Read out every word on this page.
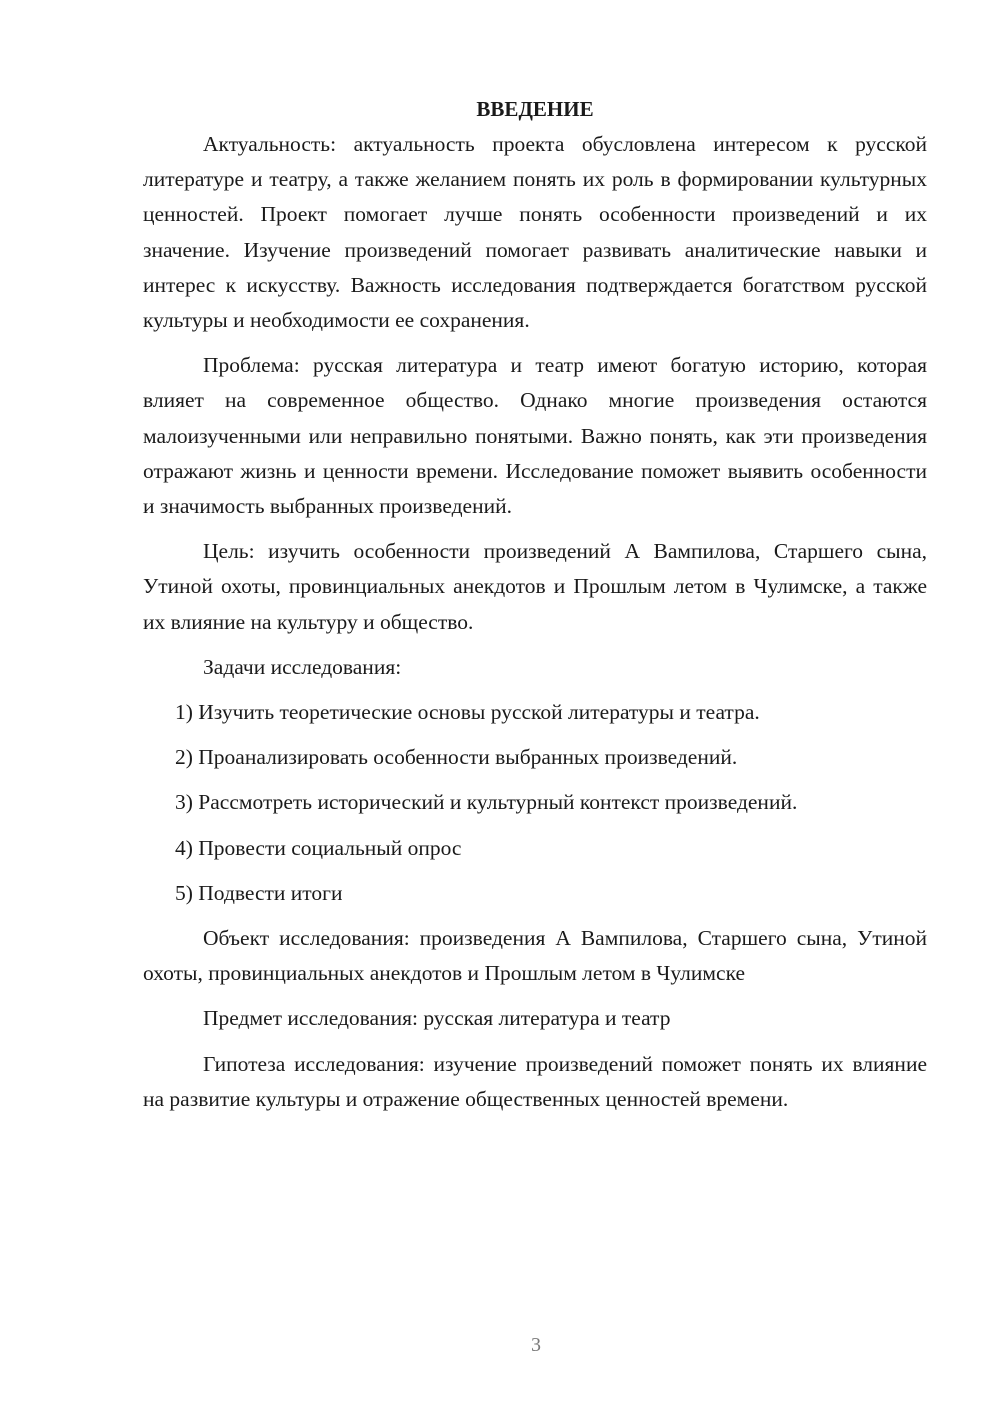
ВВЕДЕНИЕ

Актуальность: актуальность проекта обусловлена интересом к русской литературе и театру, а также желанием понять их роль в формировании культурных ценностей. Проект помогает лучше понять особенности произведений и их значение. Изучение произведений помогает развивать аналитические навыки и интерес к искусству. Важность исследования подтверждается богатством русской культуры и необходимости ее сохранения.

Проблема: русская литература и театр имеют богатую историю, которая влияет на современное общество. Однако многие произведения остаются малоизученными или неправильно понятыми. Важно понять, как эти произведения отражают жизнь и ценности времени. Исследование поможет выявить особенности и значимость выбранных произведений.

Цель: изучить особенности произведений А Вампилова, Старшего сына, Утиной охоты, провинциальных анекдотов и Прошлым летом в Чулимске, а также их влияние на культуру и общество.

Задачи исследования:

1) Изучить теоретические основы русской литературы и театра.
2) Проанализировать особенности выбранных произведений.
3) Рассмотреть исторический и культурный контекст произведений.
4) Провести социальный опрос
5) Подвести итоги

Объект исследования: произведения А Вампилова, Старшего сына, Утиной охоты, провинциальных анекдотов и Прошлым летом в Чулимске

Предмет исследования: русская литература и театр

Гипотеза исследования: изучение произведений поможет понять их влияние на развитие культуры и отражение общественных ценностей времени.

3
